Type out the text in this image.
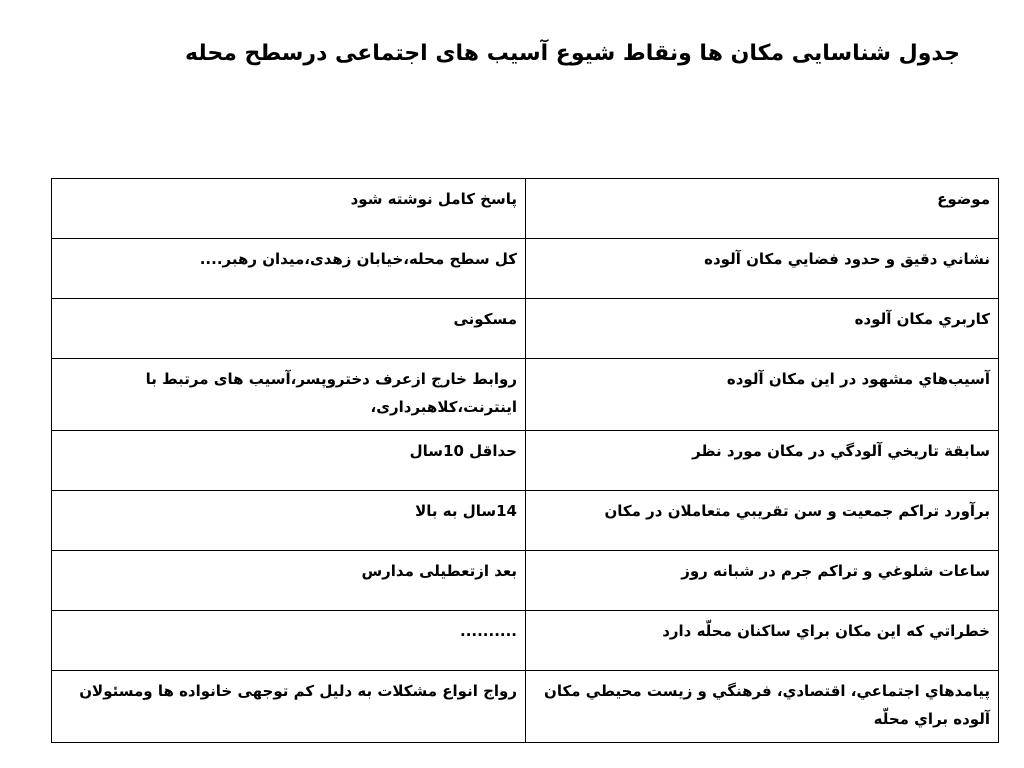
جدول شناسایی مکان ها ونقاط شیوع آسیب های اجتماعی درسطح محله
موضوع	پاسخ کامل نوشته شود
نشاني دقيق و حدود فضايي مكان آلوده	کل سطح محله،خیابان زهدی،میدان رهبر....
كاربري مكان آلوده	مسکونی
آسيب‌هاي مشهود در اين مكان آلوده	روابط خارج ازعرف دخترو‌پسر،آسیب های مرتبط با اینترنت،کلاهبرداری،
سابقة تاريخي آلودگي در مكان مورد نظر	حداقل 10سال
برآورد تراكم جمعيت و سن تقريبي متعاملان در مكان	14سال به بالا
ساعات شلوغي و تراكم جرم در شبانه روز	بعد ازتعطیلی مدارس
خطراتي كه اين مكان براي ساكنان محلّه دارد	..........
پيامدهاي اجتماعي، اقتصادي، فرهنگي و زيست محيطي مكان آلوده براي محلّه	رواج انواع مشکلات به دلیل کم توجهی خانواده ها ومسئولان
